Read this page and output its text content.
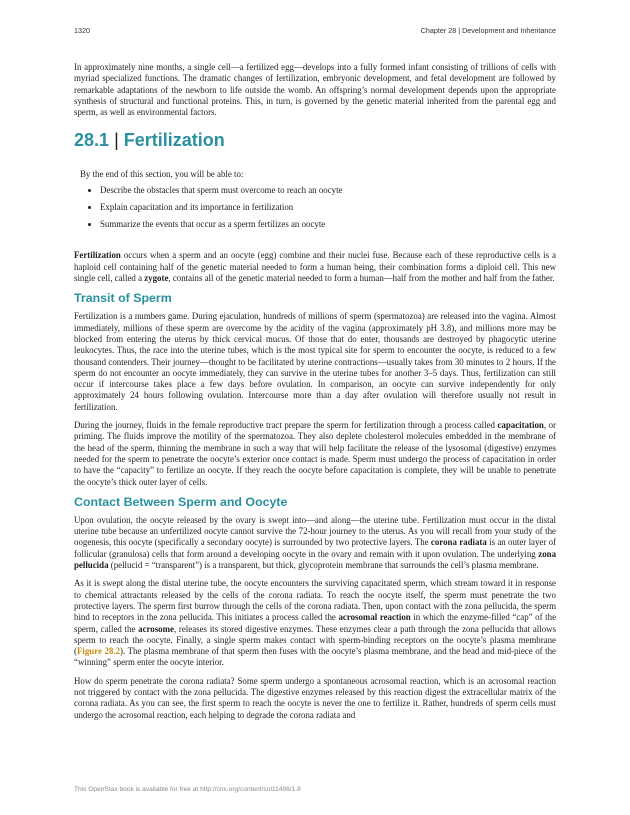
1320	Chapter 28 | Development and Inheritance

In approximately nine months, a single cell—a fertilized egg—develops into a fully formed infant consisting of trillions of cells with myriad specialized functions. The dramatic changes of fertilization, embryonic development, and fetal development are followed by remarkable adaptations of the newborn to life outside the womb. An offspring’s normal development depends upon the appropriate synthesis of structural and functional proteins. This, in turn, is governed by the genetic material inherited from the parental egg and sperm, as well as environmental factors.

28.1 | Fertilization
By the end of this section, you will be able to:
• Describe the obstacles that sperm must overcome to reach an oocyte
• Explain capacitation and its importance in fertilization
• Summarize the events that occur as a sperm fertilizes an oocyte

Fertilization occurs when a sperm and an oocyte (egg) combine and their nuclei fuse. Because each of these reproductive cells is a haploid cell containing half of the genetic material needed to form a human being, their combination forms a diploid cell. This new single cell, called a zygote, contains all of the genetic material needed to form a human—half from the mother and half from the father.

Transit of Sperm

Fertilization is a numbers game. During ejaculation, hundreds of millions of sperm (spermatozoa) are released into the vagina. Almost immediately, millions of these sperm are overcome by the acidity of the vagina (approximately pH 3.8), and millions more may be blocked from entering the uterus by thick cervical mucus. Of those that do enter, thousands are destroyed by phagocytic uterine leukocytes. Thus, the race into the uterine tubes, which is the most typical site for sperm to encounter the oocyte, is reduced to a few thousand contenders. Their journey—thought to be facilitated by uterine contractions—usually takes from 30 minutes to 2 hours. If the sperm do not encounter an oocyte immediately, they can survive in the uterine tubes for another 3–5 days. Thus, fertilization can still occur if intercourse takes place a few days before ovulation. In comparison, an oocyte can survive independently for only approximately 24 hours following ovulation. Intercourse more than a day after ovulation will therefore usually not result in fertilization.

During the journey, fluids in the female reproductive tract prepare the sperm for fertilization through a process called capacitation, or priming. The fluids improve the motility of the spermatozoa. They also deplete cholesterol molecules embedded in the membrane of the head of the sperm, thinning the membrane in such a way that will help facilitate the release of the lysosomal (digestive) enzymes needed for the sperm to penetrate the oocyte’s exterior once contact is made. Sperm must undergo the process of capacitation in order to have the “capacity” to fertilize an oocyte. If they reach the oocyte before capacitation is complete, they will be unable to penetrate the oocyte’s thick outer layer of cells.

Contact Between Sperm and Oocyte

Upon ovulation, the oocyte released by the ovary is swept into—and along—the uterine tube. Fertilization must occur in the distal uterine tube because an unfertilized oocyte cannot survive the 72-hour journey to the uterus. As you will recall from your study of the oogenesis, this oocyte (specifically a secondary oocyte) is surrounded by two protective layers. The corona radiata is an outer layer of follicular (granulosa) cells that form around a developing oocyte in the ovary and remain with it upon ovulation. The underlying zona pellucida (pellucid = “transparent”) is a transparent, but thick, glycoprotein membrane that surrounds the cell’s plasma membrane.

As it is swept along the distal uterine tube, the oocyte encounters the surviving capacitated sperm, which stream toward it in response to chemical attractants released by the cells of the corona radiata. To reach the oocyte itself, the sperm must penetrate the two protective layers. The sperm first burrow through the cells of the corona radiata. Then, upon contact with the zona pellucida, the sperm bind to receptors in the zona pellucida. This initiates a process called the acrosomal reaction in which the enzyme-filled “cap” of the sperm, called the acrosome, releases its stored digestive enzymes. These enzymes clear a path through the zona pellucida that allows sperm to reach the oocyte. Finally, a single sperm makes contact with sperm-binding receptors on the oocyte’s plasma membrane (Figure 28.2). The plasma membrane of that sperm then fuses with the oocyte’s plasma membrane, and the head and mid-piece of the “winning” sperm enter the oocyte interior.

How do sperm penetrate the corona radiata? Some sperm undergo a spontaneous acrosomal reaction, which is an acrosomal reaction not triggered by contact with the zona pellucida. The digestive enzymes released by this reaction digest the extracellular matrix of the corona radiata. As you can see, the first sperm to reach the oocyte is never the one to fertilize it. Rather, hundreds of sperm cells must undergo the acrosomal reaction, each helping to degrade the corona radiata and

This OpenStax book is available for free at http://cnx.org/content/col11496/1.8
